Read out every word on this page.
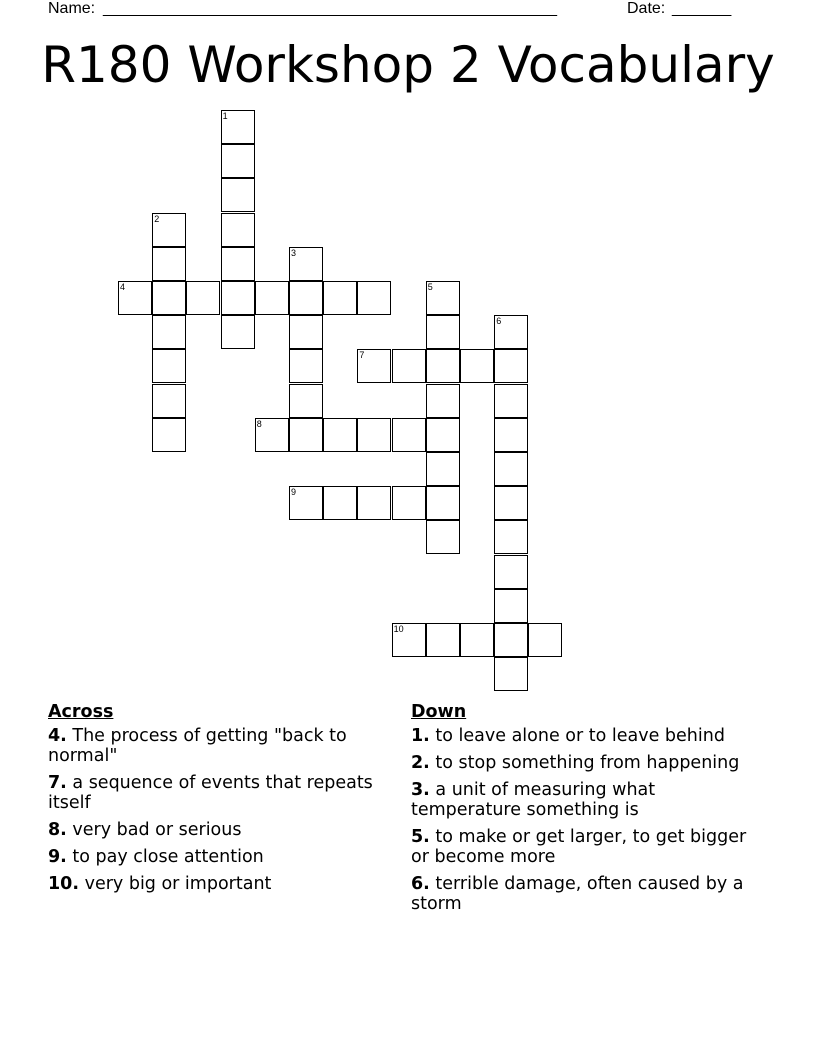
Name: ______________________________________________________	Date: _______
R180 Workshop 2 Vocabulary
1
2
3
4	5
6
7
8
9
10
Across
4. The process of getting "back to normal"
7. a sequence of events that repeats itself
8. very bad or serious
9. to pay close attention
10. very big or important
Down
1. to leave alone or to leave behind
2. to stop something from happening
3. a unit of measuring what temperature something is
5. to make or get larger, to get bigger or become more
6. terrible damage, often caused by a storm
